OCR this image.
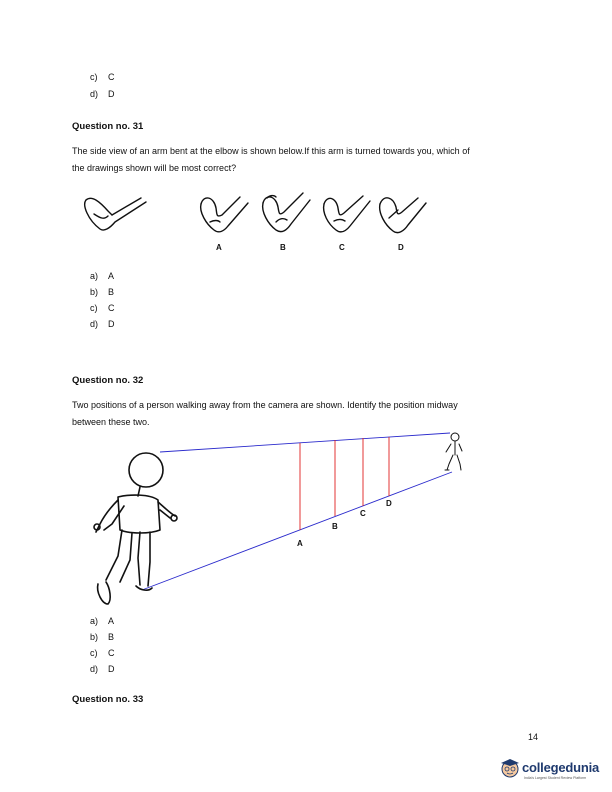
c) C
d) D
Question no. 31
The side view of an arm bent at the elbow is shown below.If this arm is turned towards you, which of
the drawings shown will be most correct?
A	B	C	D
a) A
b) B
c) C
d) D
Question no. 32
Two positions of a person walking away from the camera are shown. Identify the position midway
between these two.
A
B
C
D
a) A
b) B
c) C
d) D
Question no. 33
14
collegedunia
India's Largest Student Review Platform
